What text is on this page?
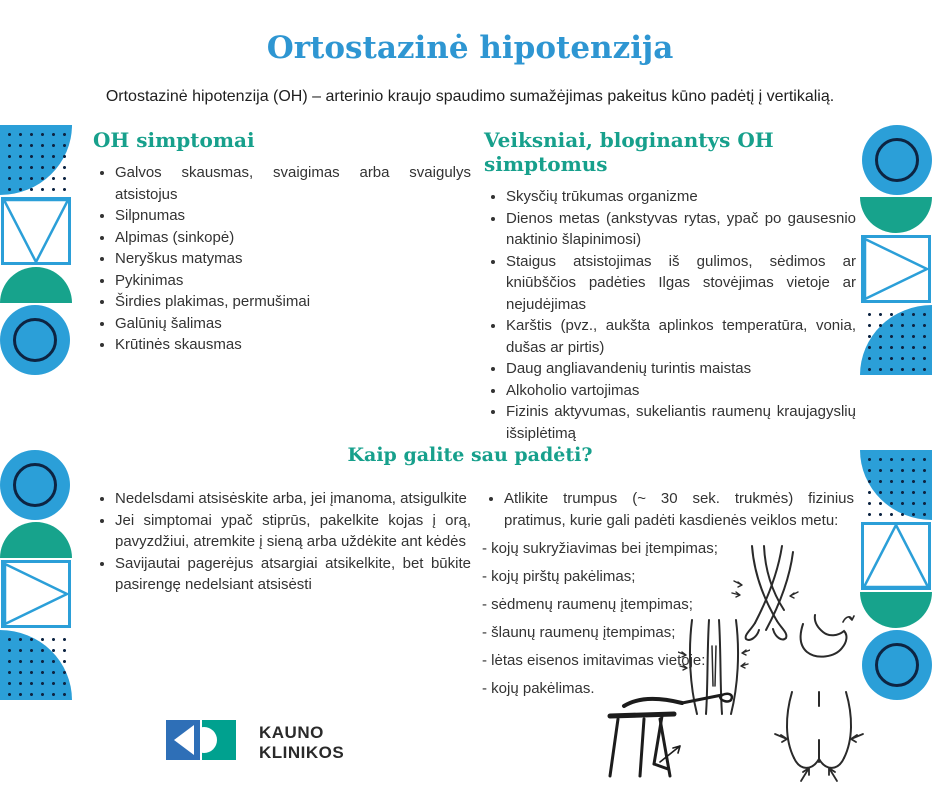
Ortostazinė hipotenzija
Ortostazinė hipotenzija (OH) – arterinio kraujo spaudimo sumažėjimas pakeitus kūno padėtį į vertikalią.
OH simptomai
Galvos skausmas, svaigimas arba svaigulys atsistojus
Silpnumas
Alpimas (sinkopė)
Neryškus matymas
Pykinimas
Širdies plakimas, permušimai
Galūnių šalimas
Krūtinės skausmas
Veiksniai, bloginantys OH simptomus
Skysčių trūkumas organizme
Dienos metas (ankstyvas rytas, ypač po gausesnio naktinio šlapinimosi)
Staigus atsistojimas iš gulimos, sėdimos ar kniūbščios padėties Ilgas stovėjimas vietoje ar nejudėjimas
Karštis (pvz., aukšta aplinkos temperatūra, vonia, dušas ar pirtis)
Daug angliavandenių turintis maistas
Alkoholio vartojimas
Fizinis aktyvumas, sukeliantis raumenų kraujagyslių išsiplėtimą
Kaip galite sau padėti?
Nedelsdami atsisėskite arba, jei įmanoma, atsigulkite
Jei simptomai ypač stiprūs, pakelkite kojas į orą, pavyzdžiui, atremkite į sieną arba uždėkite ant kėdės
Savijautai pagerėjus atsargiai atsikelkite, bet būkite pasirengę nedelsiant atsisėsti
Atlikite trumpus (~ 30 sek. trukmės) fizinius pratimus, kurie gali padėti kasdienės veiklos metu:
- kojų sukryžiavimas bei įtempimas;
- kojų pirštų pakėlimas;
- sėdmenų raumenų įtempimas;
- šlaunų raumenų įtempimas;
- lėtas eisenos imitavimas vietoje:
- kojų pakėlimas.
KAUNO
KLINIKOS
